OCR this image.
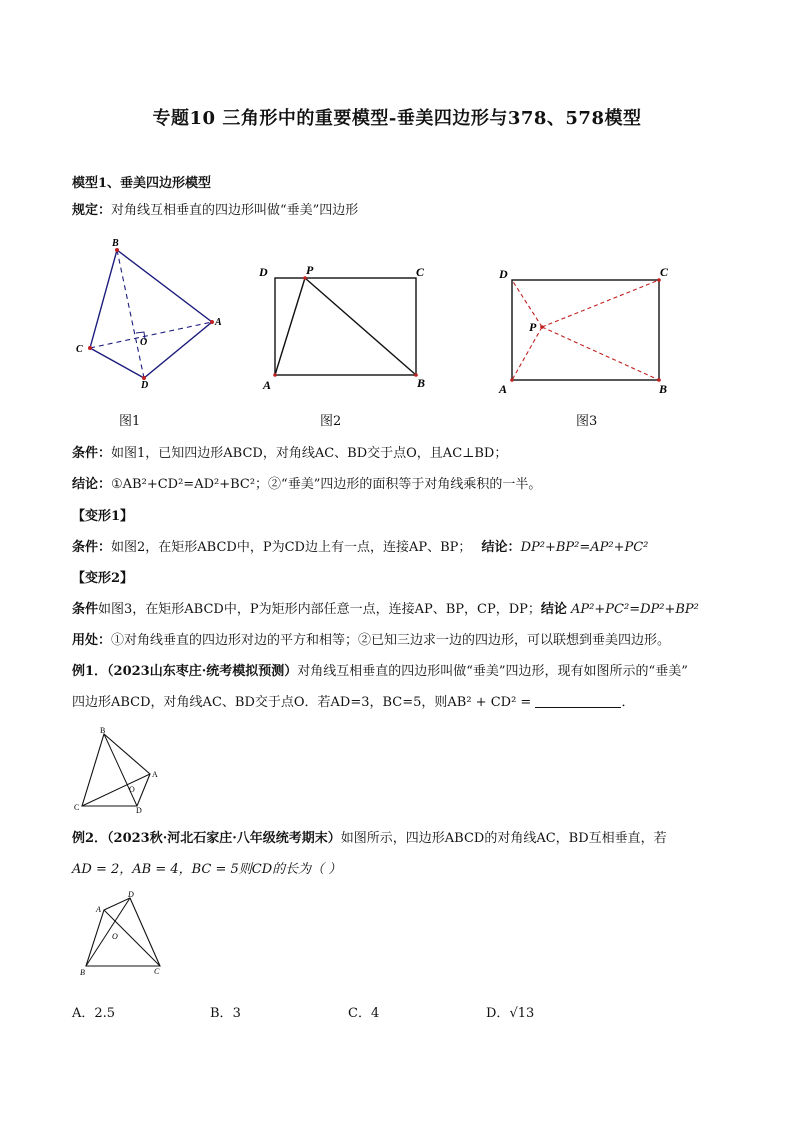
专题10 三角形中的重要模型-垂美四边形与378、578模型
模型1、垂美四边形模型
规定：对角线互相垂直的四边形叫做“垂美”四边形
B
A
D
C
O
图1
D	P	C
A	B
图2
D	C
P
A	B
图3
条件：如图1，已知四边形ABCD，对角线AC、BD交于点O，且AC⊥BD；
结论：①AB²+CD²=AD²+BC²；②“垂美”四边形的面积等于对角线乘积的一半。
【变形1】
条件：如图2，在矩形ABCD中，P为CD边上有一点，连接AP、BP； 结论：DP²+BP²=AP²+PC²
【变形2】
条件如图3，在矩形ABCD中，P为矩形内部任意一点，连接AP、BP，CP，DP；结论 AP²+PC²=DP²+BP²
用处：①对角线垂直的四边形对边的平方和相等；②已知三边求一边的四边形，可以联想到垂美四边形。
例1．（2023山东枣庄·统考模拟预测）对角线互相垂直的四边形叫做“垂美”四边形，现有如图所示的“垂美”
四边形ABCD，对角线AC、BD交于点O．若AD=3，BC=5，则AB² + CD² =	．
B
A
C	D
O
例2．（2023秋·河北石家庄·八年级统考期末）如图所示，四边形ABCD的对角线AC，BD互相垂直，若
AD = 2，AB = 4，BC = 5则CD的长为（ ）
A
D
B	C
O
A．2.5	B．3	C．4	D．√13
